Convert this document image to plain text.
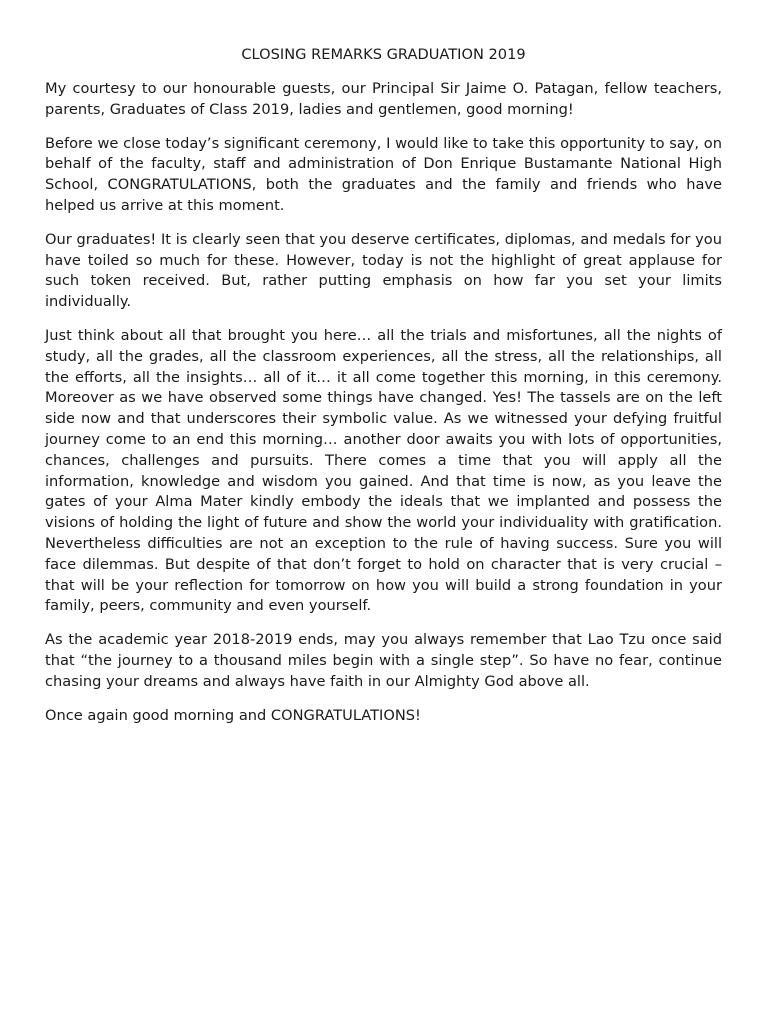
CLOSING REMARKS GRADUATION 2019

My courtesy to our honourable guests, our Principal Sir Jaime O. Patagan, fellow teachers, parents, Graduates of Class 2019, ladies and gentlemen, good morning!

Before we close today’s significant ceremony, I would like to take this opportunity to say, on behalf of the faculty, staff and administration of Don Enrique Bustamante National High School, CONGRATULATIONS, both the graduates and the family and friends who have helped us arrive at this moment.

Our graduates! It is clearly seen that you deserve certificates, diplomas, and medals for you have toiled so much for these. However, today is not the highlight of great applause for such token received. But, rather putting emphasis on how far you set your limits individually.

Just think about all that brought you here… all the trials and misfortunes, all the nights of study, all the grades, all the classroom experiences, all the stress, all the relationships, all the efforts, all the insights… all of it… it all come together this morning, in this ceremony. Moreover as we have observed some things have changed. Yes! The tassels are on the left side now and that underscores their symbolic value. As we witnessed your defying fruitful journey come to an end this morning… another door awaits you with lots of opportunities, chances, challenges and pursuits. There comes a time that you will apply all the information, knowledge and wisdom you gained. And that time is now, as you leave the gates of your Alma Mater kindly embody the ideals that we implanted and possess the visions of holding the light of future and show the world your individuality with gratification. Nevertheless difficulties are not an exception to the rule of having success. Sure you will face dilemmas. But despite of that don’t forget to hold on character that is very crucial – that will be your reflection for tomorrow on how you will build a strong foundation in your family, peers, community and even yourself.

As the academic year 2018-2019 ends, may you always remember that Lao Tzu once said that “the journey to a thousand miles begin with a single step”. So have no fear, continue chasing your dreams and always have faith in our Almighty God above all.

Once again good morning and CONGRATULATIONS!
